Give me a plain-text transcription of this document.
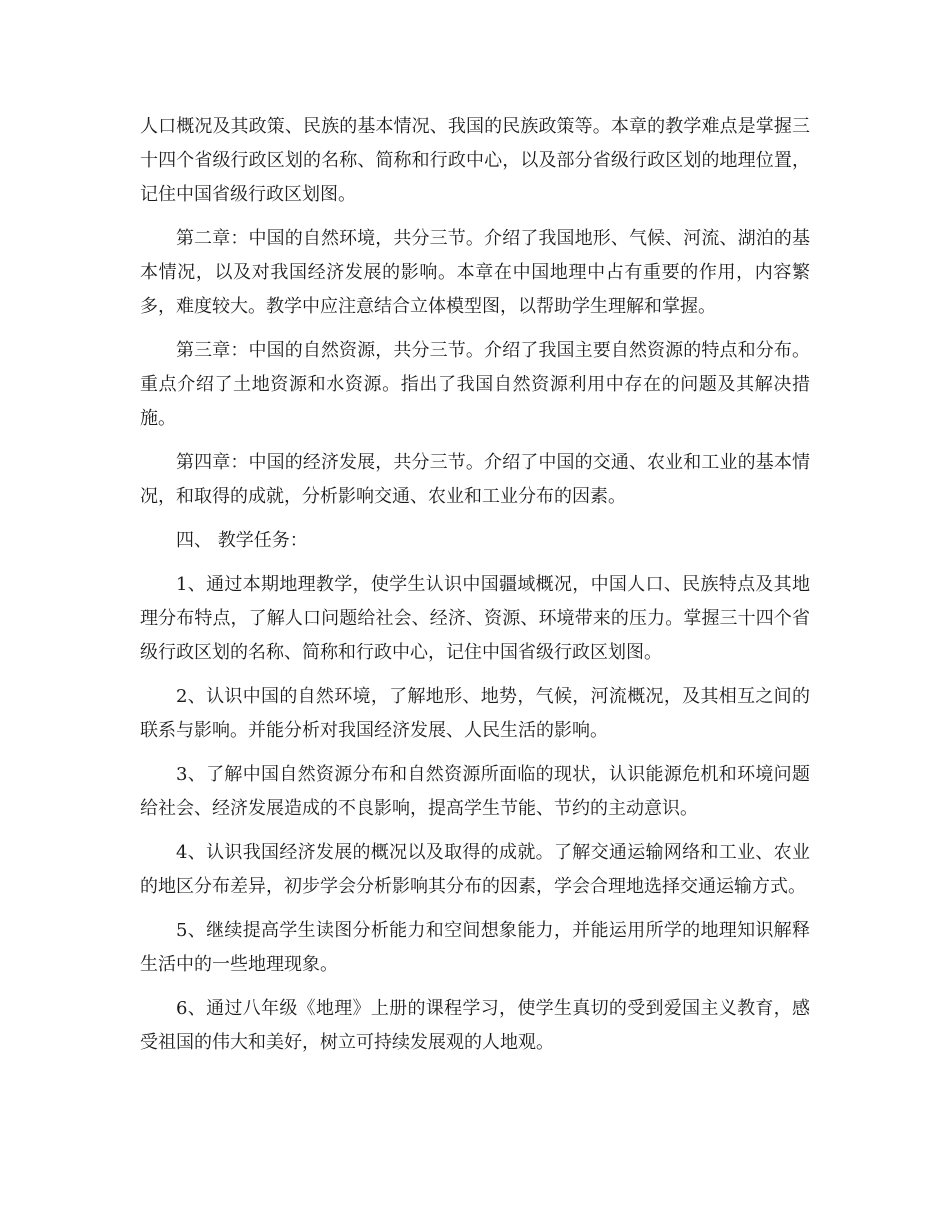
人口概况及其政策、民族的基本情况、我国的民族政策等。本章的教学难点是掌握三十四个省级行政区划的名称、简称和行政中心，以及部分省级行政区划的地理位置，记住中国省级行政区划图。

第二章：中国的自然环境，共分三节。介绍了我国地形、气候、河流、湖泊的基本情况，以及对我国经济发展的影响。本章在中国地理中占有重要的作用，内容繁多，难度较大。教学中应注意结合立体模型图，以帮助学生理解和掌握。

第三章：中国的自然资源，共分三节。介绍了我国主要自然资源的特点和分布。重点介绍了土地资源和水资源。指出了我国自然资源利用中存在的问题及其解决措施。

第四章：中国的经济发展，共分三节。介绍了中国的交通、农业和工业的基本情况，和取得的成就，分析影响交通、农业和工业分布的因素。

四、 教学任务：

1、通过本期地理教学，使学生认识中国疆域概况，中国人口、民族特点及其地理分布特点，了解人口问题给社会、经济、资源、环境带来的压力。掌握三十四个省级行政区划的名称、简称和行政中心，记住中国省级行政区划图。

2、认识中国的自然环境，了解地形、地势，气候，河流概况，及其相互之间的联系与影响。并能分析对我国经济发展、人民生活的影响。

3、了解中国自然资源分布和自然资源所面临的现状，认识能源危机和环境问题给社会、经济发展造成的不良影响，提高学生节能、节约的主动意识。

4、认识我国经济发展的概况以及取得的成就。了解交通运输网络和工业、农业的地区分布差异，初步学会分析影响其分布的因素，学会合理地选择交通运输方式。

5、继续提高学生读图分析能力和空间想象能力，并能运用所学的地理知识解释生活中的一些地理现象。

6、通过八年级《地理》上册的课程学习，使学生真切的受到爱国主义教育，感受祖国的伟大和美好，树立可持续发展观的人地观。
